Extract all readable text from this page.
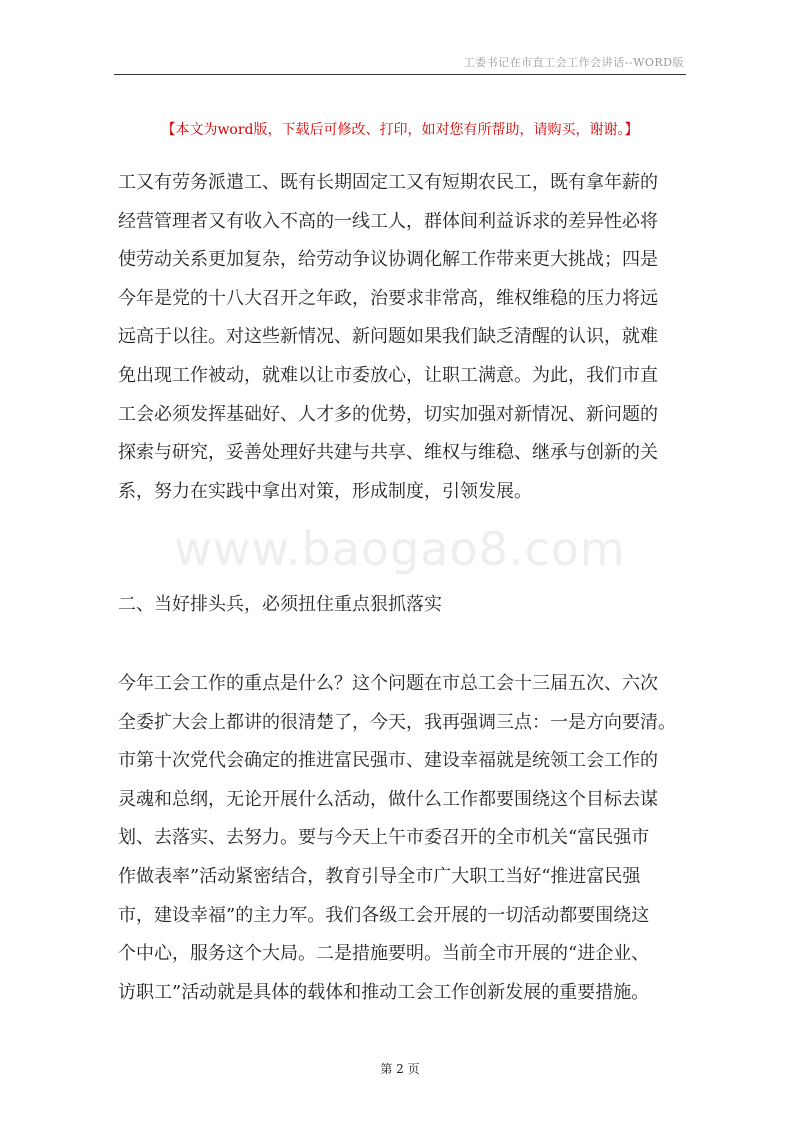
工委书记在市直工会工作会讲话--WORD版
【本文为word版，下载后可修改、打印，如对您有所帮助，请购买，谢谢。】
www.baogao8.com
工又有劳务派遣工、既有长期固定工又有短期农民工，既有拿年薪的
经营管理者又有收入不高的一线工人，群体间利益诉求的差异性必将
使劳动关系更加复杂，给劳动争议协调化解工作带来更大挑战；四是
今年是党的十八大召开之年政，治要求非常高，维权维稳的压力将远
远高于以往。对这些新情况、新问题如果我们缺乏清醒的认识，就难
免出现工作被动，就难以让市委放心，让职工满意。为此，我们市直
工会必须发挥基础好、人才多的优势，切实加强对新情况、新问题的
探索与研究，妥善处理好共建与共享、维权与维稳、继承与创新的关
系，努力在实践中拿出对策，形成制度，引领发展。
二、当好排头兵，必须扭住重点狠抓落实
今年工会工作的重点是什么？这个问题在市总工会十三届五次、六次
全委扩大会上都讲的很清楚了，今天，我再强调三点：一是方向要清。
市第十次党代会确定的推进富民强市、建设幸福就是统领工会工作的
灵魂和总纲，无论开展什么活动，做什么工作都要围绕这个目标去谋
划、去落实、去努力。要与今天上午市委召开的全市机关“富民强市
作做表率”活动紧密结合，教育引导全市广大职工当好“推进富民强
市，建设幸福”的主力军。我们各级工会开展的一切活动都要围绕这
个中心，服务这个大局。二是措施要明。当前全市开展的“进企业、
访职工”活动就是具体的载体和推动工会工作创新发展的重要措施。
第 2 页
